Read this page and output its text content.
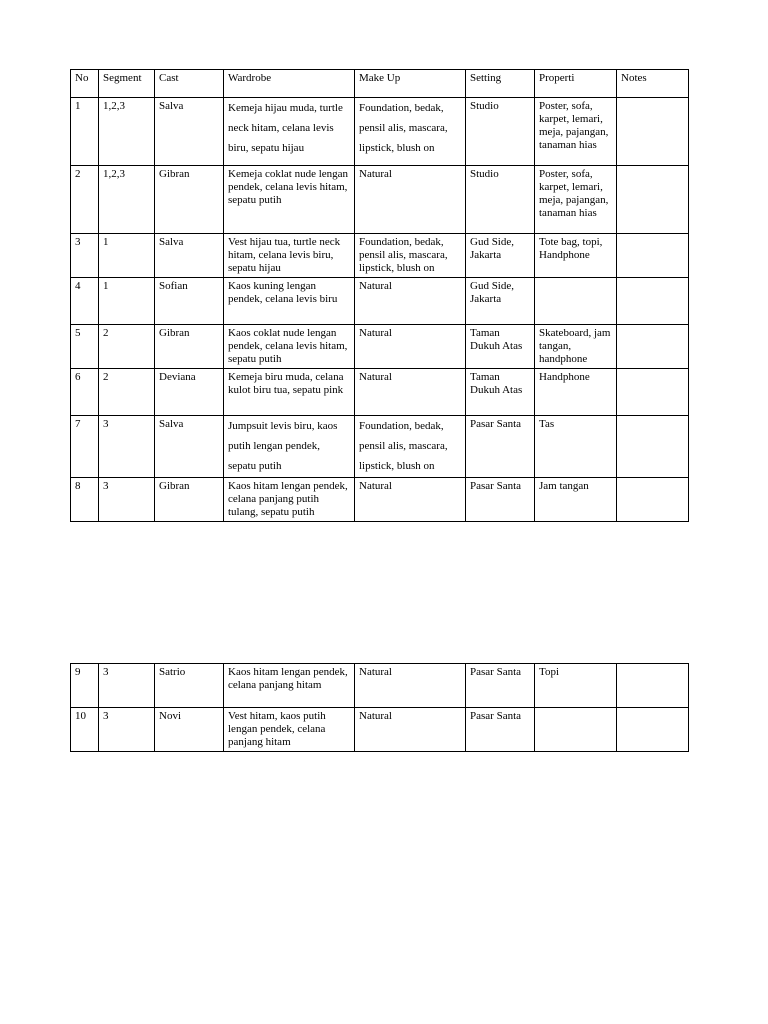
No	Segment	Cast	Wardrobe	Make Up	Setting	Properti	Notes
1	1,2,3	Salva	Kemeja hijau muda, turtle neck hitam, celana levis biru, sepatu hijau	Foundation, bedak, pensil alis, mascara, lipstick, blush on	Studio	Poster, sofa, karpet, lemari, meja, pajangan, tanaman hias	
2	1,2,3	Gibran	Kemeja coklat nude lengan pendek, celana levis hitam, sepatu putih	Natural	Studio	Poster, sofa, karpet, lemari, meja, pajangan, tanaman hias	
3	1	Salva	Vest hijau tua, turtle neck hitam, celana levis biru, sepatu hijau	Foundation, bedak, pensil alis, mascara, lipstick, blush on	Gud Side, Jakarta	Tote bag, topi, Handphone	
4	1	Sofian	Kaos kuning lengan pendek, celana levis biru	Natural	Gud Side, Jakarta		
5	2	Gibran	Kaos coklat nude lengan pendek, celana levis hitam, sepatu putih	Natural	Taman Dukuh Atas	Skateboard, jam tangan, handphone	
6	2	Deviana	Kemeja biru muda, celana kulot biru tua, sepatu pink	Natural	Taman Dukuh Atas	Handphone	
7	3	Salva	Jumpsuit levis biru, kaos putih lengan pendek, sepatu putih	Foundation, bedak, pensil alis, mascara, lipstick, blush on	Pasar Santa	Tas	
8	3	Gibran	Kaos hitam lengan pendek, celana panjang putih tulang, sepatu putih	Natural	Pasar Santa	Jam tangan	
9	3	Satrio	Kaos hitam lengan pendek, celana panjang hitam	Natural	Pasar Santa	Topi	
10	3	Novi	Vest hitam, kaos putih lengan pendek, celana panjang hitam	Natural	Pasar Santa		
